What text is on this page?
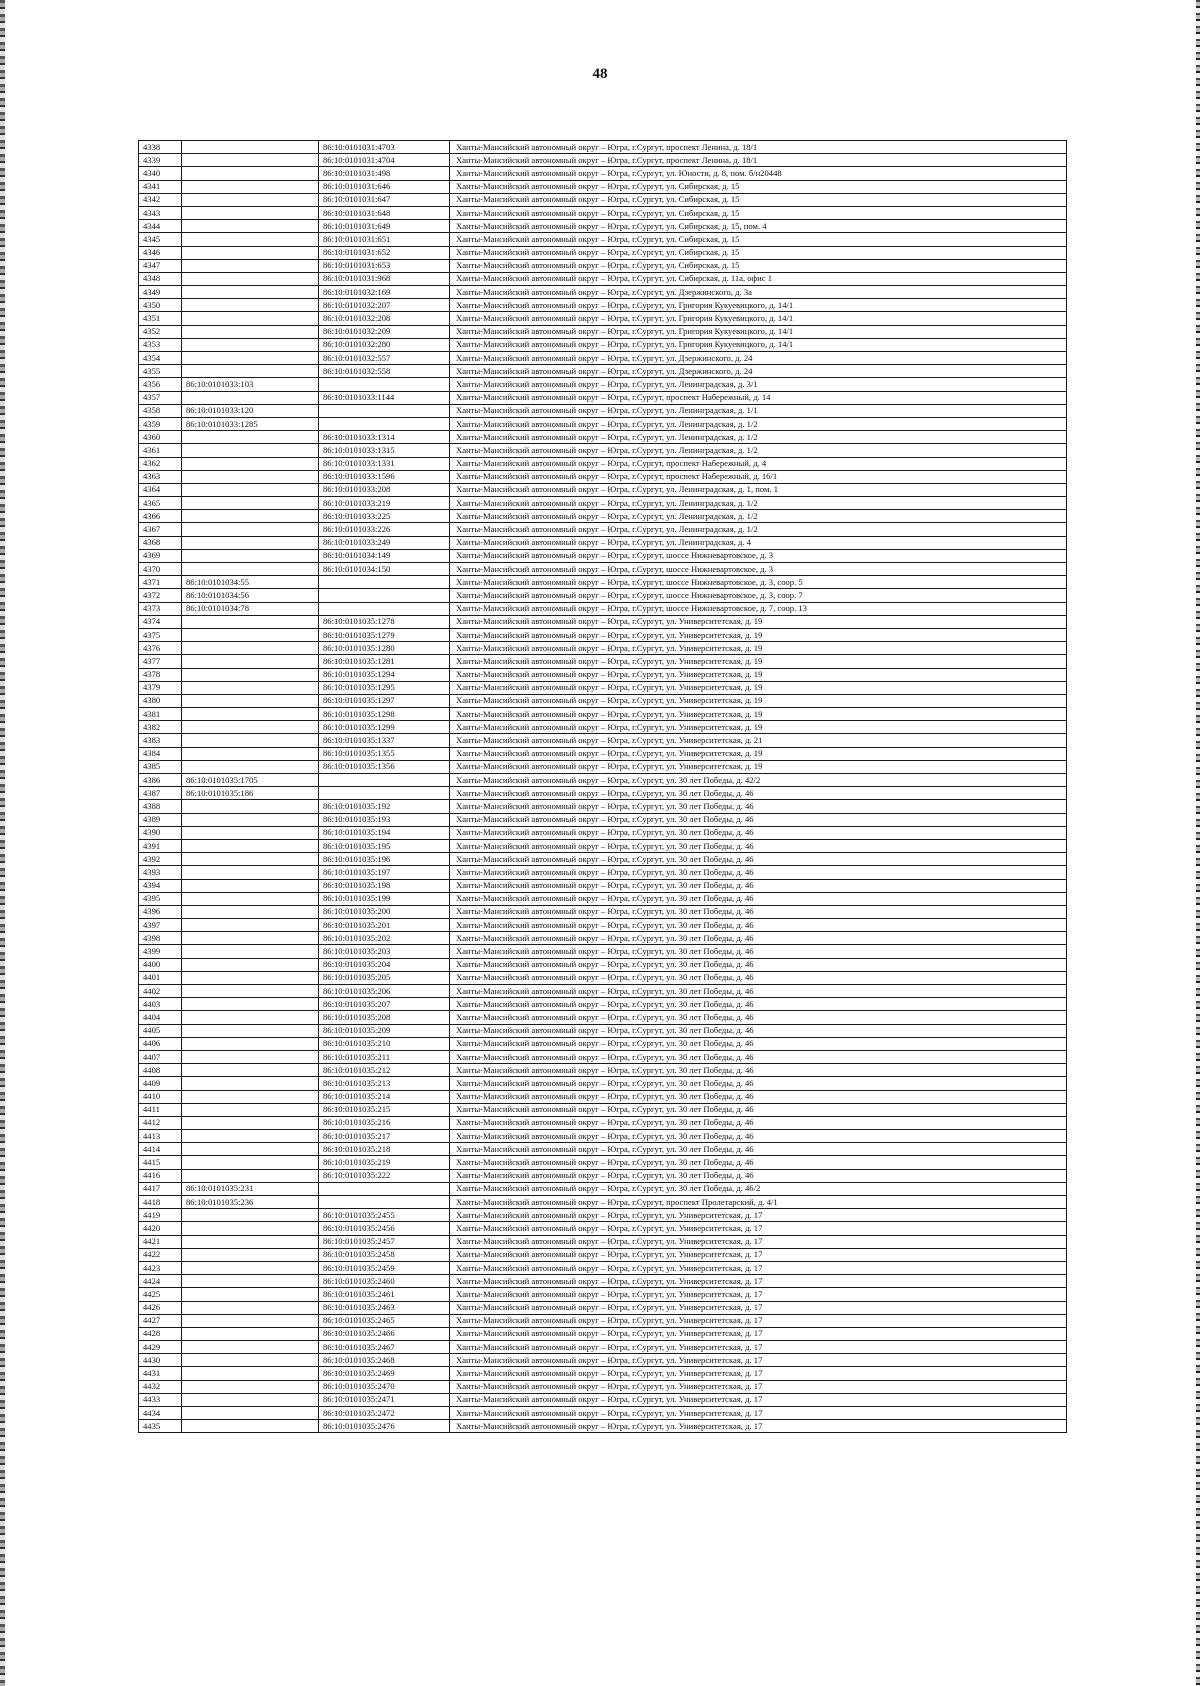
48
4338		86:10:0101031:4703	Ханты-Мансийский автономный округ – Югра, г.Сургут, проспект Ленина, д. 18/1
4339		86:10:0101031:4704	Ханты-Мансийский автономный округ – Югра, г.Сургут, проспект Ленина, д. 18/1
4340		86:10:0101031:498	Ханты-Мансийский автономный округ – Югра, г.Сургут, ул. Юности, д. 8, пом. б/н20448
4341		86:10:0101031:646	Ханты-Мансийский автономный округ – Югра, г.Сургут, ул. Сибирская, д. 15
4342		86:10:0101031:647	Ханты-Мансийский автономный округ – Югра, г.Сургут, ул. Сибирская, д. 15
4343		86:10:0101031:648	Ханты-Мансийский автономный округ – Югра, г.Сургут, ул. Сибирская, д. 15
4344		86:10:0101031:649	Ханты-Мансийский автономный округ – Югра, г.Сургут, ул. Сибирская, д. 15, пом. 4
4345		86:10:0101031:651	Ханты-Мансийский автономный округ – Югра, г.Сургут, ул. Сибирская, д. 15
4346		86:10:0101031:652	Ханты-Мансийский автономный округ – Югра, г.Сургут, ул. Сибирская, д. 15
4347		86:10:0101031:653	Ханты-Мансийский автономный округ – Югра, г.Сургут, ул. Сибирская, д. 15
4348		86:10:0101031:968	Ханты-Мансийский автономный округ – Югра, г.Сургут, ул. Сибирская, д. 11а, офис 1
4349		86:10:0101032:169	Ханты-Мансийский автономный округ – Югра, г.Сургут, ул. Дзержинского, д. 3а
4350		86:10:0101032:207	Ханты-Мансийский автономный округ – Югра, г.Сургут, ул. Григория Кукуевицкого, д. 14/1
4351		86:10:0101032:208	Ханты-Мансийский автономный округ – Югра, г.Сургут, ул. Григория Кукуевицкого, д. 14/1
4352		86:10:0101032:209	Ханты-Мансийский автономный округ – Югра, г.Сургут, ул. Григория Кукуевицкого, д. 14/1
4353		86:10:0101032:280	Ханты-Мансийский автономный округ – Югра, г.Сургут, ул. Григория Кукуевицкого, д. 14/1
4354		86:10:0101032:557	Ханты-Мансийский автономный округ – Югра, г.Сургут, ул. Дзержинского, д. 24
4355		86:10:0101032:558	Ханты-Мансийский автономный округ – Югра, г.Сургут, ул. Дзержинского, д. 24
4356	86:10:0101033:103		Ханты-Мансийский автономный округ – Югра, г.Сургут, ул. Ленинградская, д. 3/1
4357		86:10:0101033:1144	Ханты-Мансийский автономный округ – Югра, г.Сургут, проспект Набережный, д. 14
4358	86:10:0101033:120		Ханты-Мансийский автономный округ – Югра, г.Сургут, ул. Ленинградская, д. 1/1
4359	86:10:0101033:1285		Ханты-Мансийский автономный округ – Югра, г.Сургут, ул. Ленинградская, д. 1/2
4360		86:10:0101033:1314	Ханты-Мансийский автономный округ – Югра, г.Сургут, ул. Ленинградская, д. 1/2
4361		86:10:0101033:1315	Ханты-Мансийский автономный округ – Югра, г.Сургут, ул. Ленинградская, д. 1/2
4362		86:10:0101033:1331	Ханты-Мансийский автономный округ – Югра, г.Сургут, проспект Набережный, д. 4
4363		86:10:0101033:1596	Ханты-Мансийский автономный округ – Югра, г.Сургут, проспект Набережный, д. 16/1
4364		86:10:0101033:208	Ханты-Мансийский автономный округ – Югра, г.Сургут, ул. Ленинградская, д. 1, пом. 1
4365		86:10:0101033:219	Ханты-Мансийский автономный округ – Югра, г.Сургут, ул. Ленинградская, д. 1/2
4366		86:10:0101033:225	Ханты-Мансийский автономный округ – Югра, г.Сургут, ул. Ленинградская, д. 1/2
4367		86:10:0101033:226	Ханты-Мансийский автономный округ – Югра, г.Сургут, ул. Ленинградская, д. 1/2
4368		86:10:0101033:249	Ханты-Мансийский автономный округ – Югра, г.Сургут, ул. Ленинградская, д. 4
4369		86:10:0101034:149	Ханты-Мансийский автономный округ – Югра, г.Сургут, шоссе Нижневартовское, д. 3
4370		86:10:0101034:150	Ханты-Мансийский автономный округ – Югра, г.Сургут, шоссе Нижневартовское, д. 3
4371	86:10:0101034:55		Ханты-Мансийский автономный округ – Югра, г.Сургут, шоссе Нижневартовское, д. 3, соор. 5
4372	86:10:0101034:56		Ханты-Мансийский автономный округ – Югра, г.Сургут, шоссе Нижневартовское, д. 3, соор. 7
4373	86:10:0101034:78		Ханты-Мансийский автономный округ – Югра, г.Сургут, шоссе Нижневартовское, д. 7, соор. 13
4374		86:10:0101035:1278	Ханты-Мансийский автономный округ – Югра, г.Сургут, ул. Университетская, д. 19
4375		86:10:0101035:1279	Ханты-Мансийский автономный округ – Югра, г.Сургут, ул. Университетская, д. 19
4376		86:10:0101035:1280	Ханты-Мансийский автономный округ – Югра, г.Сургут, ул. Университетская, д. 19
4377		86:10:0101035:1281	Ханты-Мансийский автономный округ – Югра, г.Сургут, ул. Университетская, д. 19
4378		86:10:0101035:1294	Ханты-Мансийский автономный округ – Югра, г.Сургут, ул. Университетская, д. 19
4379		86:10:0101035:1295	Ханты-Мансийский автономный округ – Югра, г.Сургут, ул. Университетская, д. 19
4380		86:10:0101035:1297	Ханты-Мансийский автономный округ – Югра, г.Сургут, ул. Университетская, д. 19
4381		86:10:0101035:1298	Ханты-Мансийский автономный округ – Югра, г.Сургут, ул. Университетская, д. 19
4382		86:10:0101035:1299	Ханты-Мансийский автономный округ – Югра, г.Сургут, ул. Университетская, д. 19
4383		86:10:0101035:1337	Ханты-Мансийский автономный округ – Югра, г.Сургут, ул. Университетская, д. 21
4384		86:10:0101035:1355	Ханты-Мансийский автономный округ – Югра, г.Сургут, ул. Университетская, д. 19
4385		86:10:0101035:1356	Ханты-Мансийский автономный округ – Югра, г.Сургут, ул. Университетская, д. 19
4386	86:10:0101035:1705		Ханты-Мансийский автономный округ – Югра, г.Сургут, ул. 30 лет Победы, д. 42/2
4387	86:10:0101035:186		Ханты-Мансийский автономный округ – Югра, г.Сургут, ул. 30 лет Победы, д. 46
4388		86:10:0101035:192	Ханты-Мансийский автономный округ – Югра, г.Сургут, ул. 30 лет Победы, д. 46
4389		86:10:0101035:193	Ханты-Мансийский автономный округ – Югра, г.Сургут, ул. 30 лет Победы, д. 46
4390		86:10:0101035:194	Ханты-Мансийский автономный округ – Югра, г.Сургут, ул. 30 лет Победы, д. 46
4391		86:10:0101035:195	Ханты-Мансийский автономный округ – Югра, г.Сургут, ул. 30 лет Победы, д. 46
4392		86:10:0101035:196	Ханты-Мансийский автономный округ – Югра, г.Сургут, ул. 30 лет Победы, д. 46
4393		86:10:0101035:197	Ханты-Мансийский автономный округ – Югра, г.Сургут, ул. 30 лет Победы, д. 46
4394		86:10:0101035:198	Ханты-Мансийский автономный округ – Югра, г.Сургут, ул. 30 лет Победы, д. 46
4395		86:10:0101035:199	Ханты-Мансийский автономный округ – Югра, г.Сургут, ул. 30 лет Победы, д. 46
4396		86:10:0101035:200	Ханты-Мансийский автономный округ – Югра, г.Сургут, ул. 30 лет Победы, д. 46
4397		86:10:0101035:201	Ханты-Мансийский автономный округ – Югра, г.Сургут, ул. 30 лет Победы, д. 46
4398		86:10:0101035:202	Ханты-Мансийский автономный округ – Югра, г.Сургут, ул. 30 лет Победы, д. 46
4399		86:10:0101035:203	Ханты-Мансийский автономный округ – Югра, г.Сургут, ул. 30 лет Победы, д. 46
4400		86:10:0101035:204	Ханты-Мансийский автономный округ – Югра, г.Сургут, ул. 30 лет Победы, д. 46
4401		86:10:0101035:205	Ханты-Мансийский автономный округ – Югра, г.Сургут, ул. 30 лет Победы, д. 46
4402		86:10:0101035:206	Ханты-Мансийский автономный округ – Югра, г.Сургут, ул. 30 лет Победы, д. 46
4403		86:10:0101035:207	Ханты-Мансийский автономный округ – Югра, г.Сургут, ул. 30 лет Победы, д. 46
4404		86:10:0101035:208	Ханты-Мансийский автономный округ – Югра, г.Сургут, ул. 30 лет Победы, д. 46
4405		86:10:0101035:209	Ханты-Мансийский автономный округ – Югра, г.Сургут, ул. 30 лет Победы, д. 46
4406		86:10:0101035:210	Ханты-Мансийский автономный округ – Югра, г.Сургут, ул. 30 лет Победы, д. 46
4407		86:10:0101035:211	Ханты-Мансийский автономный округ – Югра, г.Сургут, ул. 30 лет Победы, д. 46
4408		86:10:0101035:212	Ханты-Мансийский автономный округ – Югра, г.Сургут, ул. 30 лет Победы, д. 46
4409		86:10:0101035:213	Ханты-Мансийский автономный округ – Югра, г.Сургут, ул. 30 лет Победы, д. 46
4410		86:10:0101035:214	Ханты-Мансийский автономный округ – Югра, г.Сургут, ул. 30 лет Победы, д. 46
4411		86:10:0101035:215	Ханты-Мансийский автономный округ – Югра, г.Сургут, ул. 30 лет Победы, д. 46
4412		86:10:0101035:216	Ханты-Мансийский автономный округ – Югра, г.Сургут, ул. 30 лет Победы, д. 46
4413		86:10:0101035:217	Ханты-Мансийский автономный округ – Югра, г.Сургут, ул. 30 лет Победы, д. 46
4414		86:10:0101035:218	Ханты-Мансийский автономный округ – Югра, г.Сургут, ул. 30 лет Победы, д. 46
4415		86:10:0101035:219	Ханты-Мансийский автономный округ – Югра, г.Сургут, ул. 30 лет Победы, д. 46
4416		86:10:0101035:222	Ханты-Мансийский автономный округ – Югра, г.Сургут, ул. 30 лет Победы, д. 46
4417	86:10:0101035:231		Ханты-Мансийский автономный округ – Югра, г.Сургут, ул. 30 лет Победы, д. 46/2
4418	86:10:0101035:236		Ханты-Мансийский автономный округ – Югра, г.Сургут, проспект Пролетарский, д. 4/1
4419		86:10:0101035:2455	Ханты-Мансийский автономный округ – Югра, г.Сургут, ул. Университетская, д. 17
4420		86:10:0101035:2456	Ханты-Мансийский автономный округ – Югра, г.Сургут, ул. Университетская, д. 17
4421		86:10:0101035:2457	Ханты-Мансийский автономный округ – Югра, г.Сургут, ул. Университетская, д. 17
4422		86:10:0101035:2458	Ханты-Мансийский автономный округ – Югра, г.Сургут, ул. Университетская, д. 17
4423		86:10:0101035:2459	Ханты-Мансийский автономный округ – Югра, г.Сургут, ул. Университетская, д. 17
4424		86:10:0101035:2460	Ханты-Мансийский автономный округ – Югра, г.Сургут, ул. Университетская, д. 17
4425		86:10:0101035:2461	Ханты-Мансийский автономный округ – Югра, г.Сургут, ул. Университетская, д. 17
4426		86:10:0101035:2463	Ханты-Мансийский автономный округ – Югра, г.Сургут, ул. Университетская, д. 17
4427		86:10:0101035:2465	Ханты-Мансийский автономный округ – Югра, г.Сургут, ул. Университетская, д. 17
4428		86:10:0101035:2466	Ханты-Мансийский автономный округ – Югра, г.Сургут, ул. Университетская, д. 17
4429		86:10:0101035:2467	Ханты-Мансийский автономный округ – Югра, г.Сургут, ул. Университетская, д. 17
4430		86:10:0101035:2468	Ханты-Мансийский автономный округ – Югра, г.Сургут, ул. Университетская, д. 17
4431		86:10:0101035:2469	Ханты-Мансийский автономный округ – Югра, г.Сургут, ул. Университетская, д. 17
4432		86:10:0101035:2470	Ханты-Мансийский автономный округ – Югра, г.Сургут, ул. Университетская, д. 17
4433		86:10:0101035:2471	Ханты-Мансийский автономный округ – Югра, г.Сургут, ул. Университетская, д. 17
4434		86:10:0101035:2472	Ханты-Мансийский автономный округ – Югра, г.Сургут, ул. Университетская, д. 17
4435		86:10:0101035:2476	Ханты-Мансийский автономный округ – Югра, г.Сургут, ул. Университетская, д. 17
